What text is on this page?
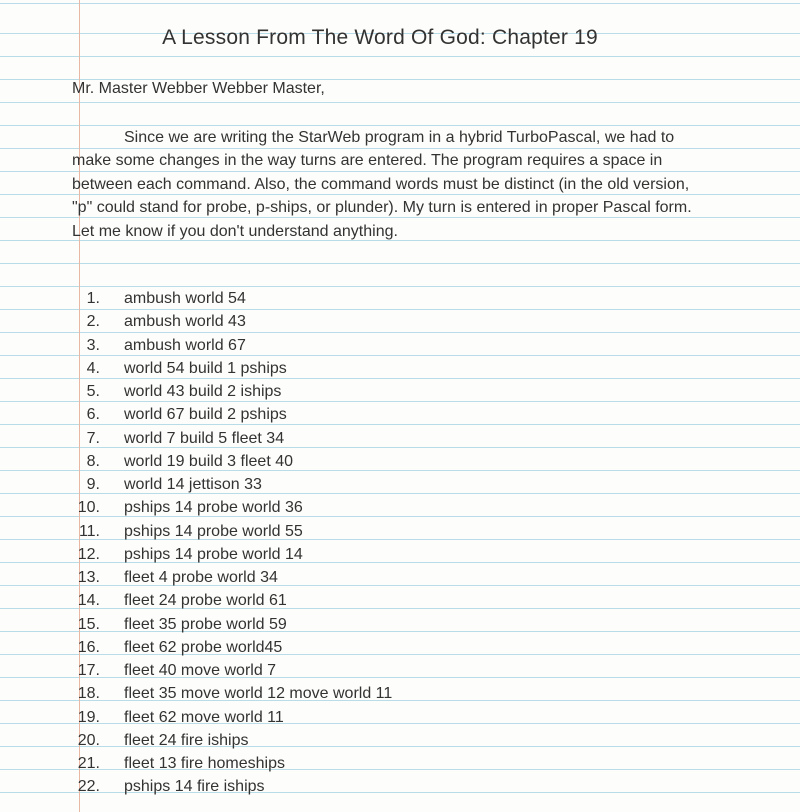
A Lesson From The Word Of God: Chapter 19
Mr. Master Webber Webber Master,

Since we are writing the StarWeb program in a hybrid TurboPascal, we had to make some changes in the way turns are entered. The program requires a space in between each command. Also, the command words must be distinct (in the old version, "p" could stand for probe, p-ships, or plunder). My turn is entered in proper Pascal form. Let me know if you don't understand anything.

1.	ambush world 54
2.	ambush world 43
3.	ambush world 67
4.	world 54 build 1 pships
5.	world 43 build 2 iships
6.	world 67 build 2 pships
7.	world 7 build 5 fleet 34
8.	world 19 build 3 fleet 40
9.	world 14 jettison 33
10.	pships 14 probe world 36
11.	pships 14 probe world 55
12.	pships 14 probe world 14
13.	fleet 4 probe world 34
14.	fleet 24 probe world 61
15.	fleet 35 probe world 59
16.	fleet 62 probe world45
17.	fleet 40 move world 7
18.	fleet 35 move world 12 move world 11
19.	fleet 62 move world 11
20.	fleet 24 fire iships
21.	fleet 13 fire homeships
22.	pships 14 fire iships
